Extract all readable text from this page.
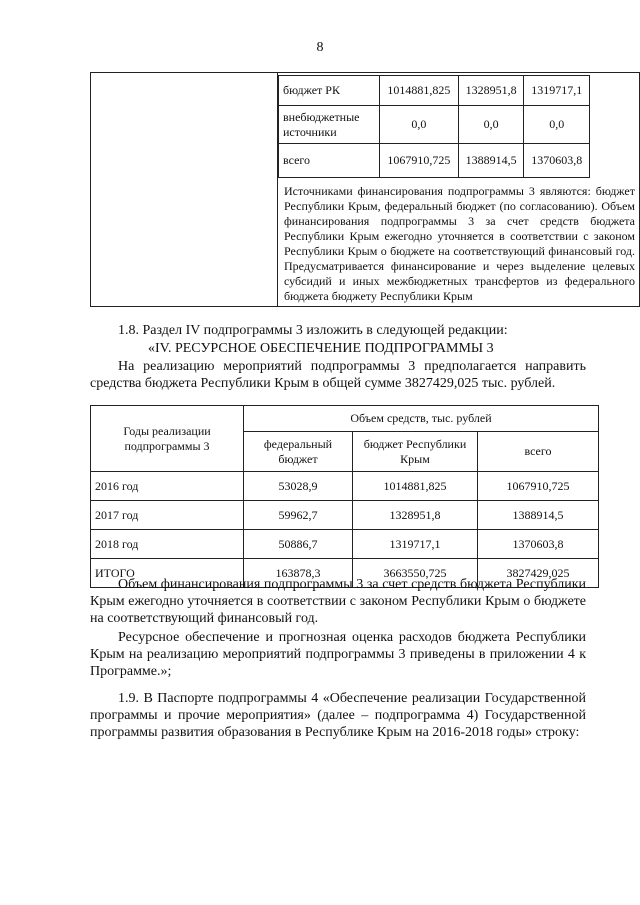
8

бюджет РК	1014881,825	1328951,8	1319717,1
внебюджетные источники	0,0	0,0	0,0
всего	1067910,725	1388914,5	1370603,8
Источниками финансирования подпрограммы 3 являются: бюджет Республики Крым, федеральный бюджет (по согласованию). Объем финансирования подпрограммы 3 за счет средств бюджета Республики Крым ежегодно уточняется в соответствии с законом Республики Крым о бюджете на соответствующий финансовый год. Предусматривается финансирование и через выделение целевых субсидий и иных межбюджетных трансфертов из федерального бюджета бюджету Республики Крым
1.8. Раздел IV подпрограммы 3 изложить в следующей редакции:
«IV. РЕСУРСНОЕ ОБЕСПЕЧЕНИЕ ПОДПРОГРАММЫ 3
На реализацию мероприятий подпрограммы 3 предполагается направить средства бюджета Республики Крым в общей сумме 3827429,025 тыс. рублей.
Годы реализации подпрограммы 3	Объем средств, тыс. рублей		
	федеральный бюджет	бюджет Республики Крым	всего
2016 год	53028,9	1014881,825	1067910,725
2017 год	59962,7	1328951,8	1388914,5
2018 год	50886,7	1319717,1	1370603,8
ИТОГО	163878,3	3663550,725	3827429,025
Объем финансирования подпрограммы 3 за счет средств бюджета Республики Крым ежегодно уточняется в соответствии с законом Республики Крым о бюджете на соответствующий финансовый год.
Ресурсное обеспечение и прогнозная оценка расходов бюджета Республики Крым на реализацию мероприятий подпрограммы 3 приведены в приложении 4 к Программе.»;
1.9. В Паспорте подпрограммы 4 «Обеспечение реализации Государственной программы и прочие мероприятия» (далее – подпрограмма 4) Государственной программы развития образования в Республике Крым на 2016-2018 годы» строку:
